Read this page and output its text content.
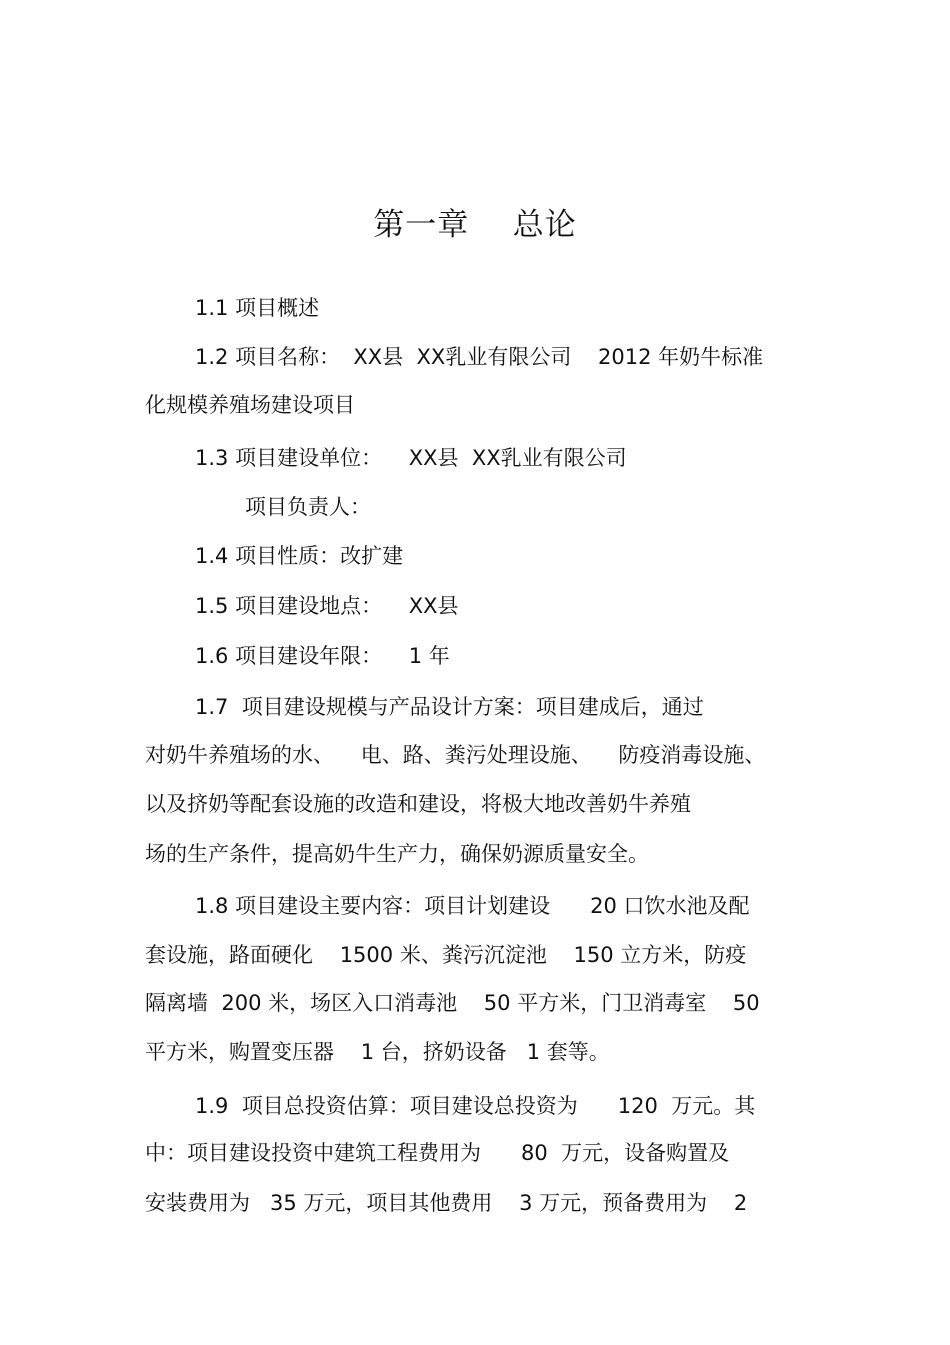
第一章    总论
1.1 项目概述
1.2 项目名称：  XX县  XX乳业有限公司    2012 年奶牛标准
化规模养殖场建设项目
1.3 项目建设单位：    XX县  XX乳业有限公司
项目负责人：
1.4 项目性质：改扩建
1.5 项目建设地点：    XX县
1.6 项目建设年限：    1 年
1.7  项目建设规模与产品设计方案：项目建成后，通过
对奶牛养殖场的水、    电、路、粪污处理设施、    防疫消毒设施、
以及挤奶等配套设施的改造和建设，将极大地改善奶牛养殖
场的生产条件，提高奶牛生产力，确保奶源质量安全。
1.8 项目建设主要内容：项目计划建设      20 口饮水池及配
套设施，路面硬化    1500 米、粪污沉淀池    150 立方米，防疫
隔离墙  200 米，场区入口消毒池    50 平方米，门卫消毒室    50
平方米，购置变压器    1 台，挤奶设备   1 套等。
1.9  项目总投资估算：项目建设总投资为      120  万元。其
中：项目建设投资中建筑工程费用为      80  万元，设备购置及
安装费用为   35 万元，项目其他费用    3 万元，预备费用为    2
